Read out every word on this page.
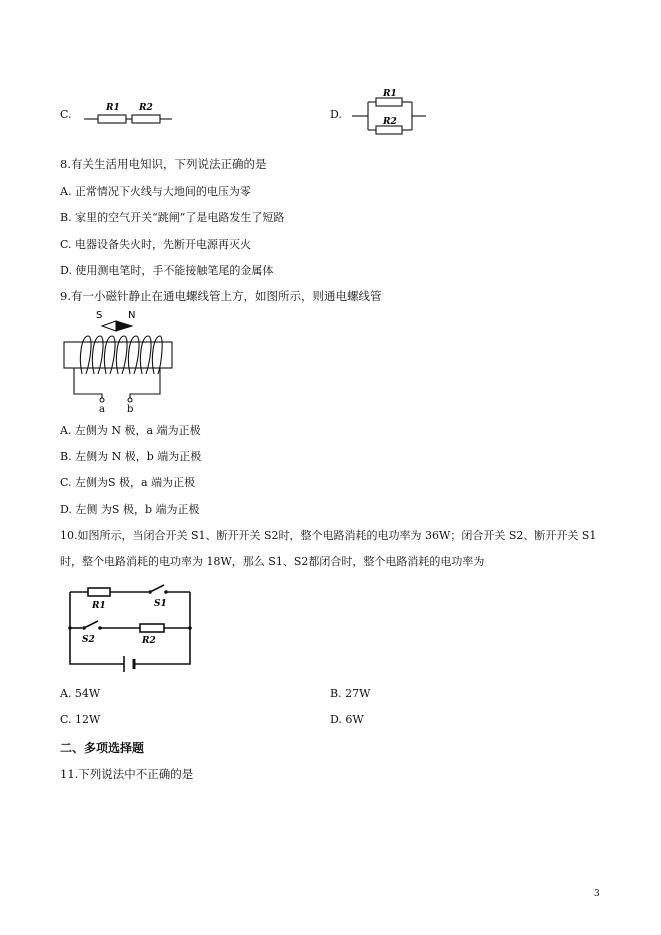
C.	R1 R2	D.
R1
R2
8.有关生活用电知识，下列说法正确的是
A. 正常情况下火线与大地间的电压为零
B. 家里的空气开关“跳闸”了是电路发生了短路
C. 电器设备失火时，先断开电源再灭火
D. 使用测电笔时，手不能接触笔尾的金属体
9.有一小磁针静止在通电螺线管上方，如图所示，则通电螺线管
S	N
a b
A. 左侧为 N 极，a 端为正极
B. 左侧为 N 极，b 端为正极
C. 左侧为S 极，a 端为正极
D. 左侧 为S 极，b 端为正极
10.如图所示，当闭合开关 S1、断开开关 S2时，整个电路消耗的电功率为 36W；闭合开关 S2、断开开关 S1
时，整个电路消耗的电功率为 18W，那么 S1、S2都闭合时，整个电路消耗的电功率为
R1	S1
S2	R2
A. 54W	B. 27W
C. 12W	D. 6W
二、多项选择题
11.下列说法中不正确的是
3
